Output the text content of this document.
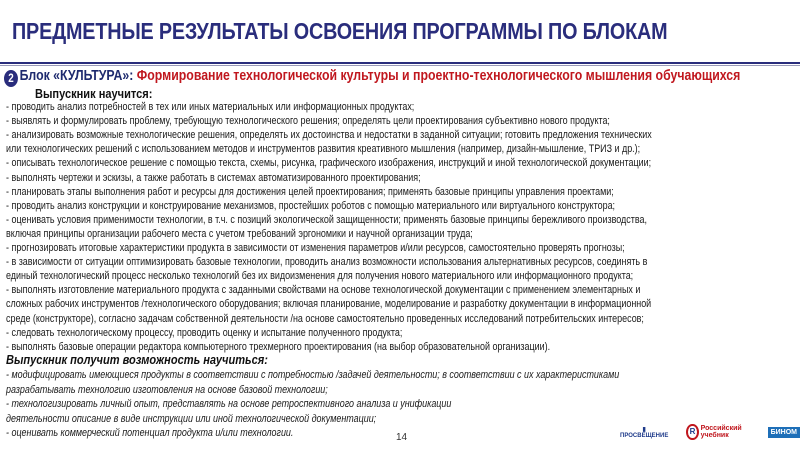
ПРЕДМЕТНЫЕ РЕЗУЛЬТАТЫ ОСВОЕНИЯ ПРОГРАММЫ ПО БЛОКАМ
2 Блок «КУЛЬТУРА»: Формирование технологической культуры и проектно-технологического мышления обучающихся
Выпускник научится:
- проводить анализ потребностей в тех или иных материальных или информационных продуктах;
- выявлять и формулировать проблему, требующую технологического решения; определять цели проектирования субъективно нового продукта;
- анализировать возможные технологические решения, определять их достоинства и недостатки в заданной ситуации; готовить предложения технических
или технологических решений с использованием методов и инструментов развития креативного мышления (например, дизайн-мышление, ТРИЗ и др.);
- описывать технологическое решение с помощью текста, схемы, рисунка, графического изображения, инструкций и иной технологической документации;
- выполнять чертежи и эскизы, а также работать в системах автоматизированного проектирования;
- планировать этапы выполнения работ и ресурсы для достижения целей проектирования; применять базовые принципы управления проектами;
- проводить анализ конструкции и конструирование механизмов, простейших роботов с помощью материального или виртуального конструктора;
- оценивать условия применимости технологии, в т.ч. с позиций экологической защищенности; применять базовые принципы бережливого производства,
включая принципы организации рабочего места с учетом требований эргономики и научной организации труда;
- прогнозировать итоговые характеристики продукта в зависимости от изменения параметров и/или ресурсов, самостоятельно проверять прогнозы;
- в зависимости от ситуации оптимизировать базовые технологии, проводить анализ возможности использования альтернативных ресурсов, соединять в
единый технологический процесс несколько технологий без их видоизменения для получения нового материального или информационного продукта;
- выполнять изготовление материального продукта с заданными свойствами на основе технологической документации с применением элементарных и
сложных рабочих инструментов /технологического оборудования; включая планирование, моделирование и разработку документации в информационной
среде (конструкторе), согласно задачам собственной деятельности /на основе самостоятельно проведенных исследований потребительских интересов;
- следовать технологическому процессу, проводить оценку и испытание полученного продукта;
- выполнять базовые операции редактора компьютерного трехмерного проектирования (на выбор образовательной организации).
Выпускник получит возможность научиться:
- модифицировать имеющиеся продукты в соответствии с потребностью /задачей деятельности; в соответствии с их характеристиками
разрабатывать технологию изготовления на основе базовой технологии;
- технологизировать личный опыт, представлять на основе ретроспективного анализа и унификации
деятельности описание в виде инструкции или иной технологической документации;
- оценивать коммерческий потенциал продукта и/или технологии.	14
▮
ПРОСВЕЩЕНИЕ	R Российский учебник	БИНОМ
